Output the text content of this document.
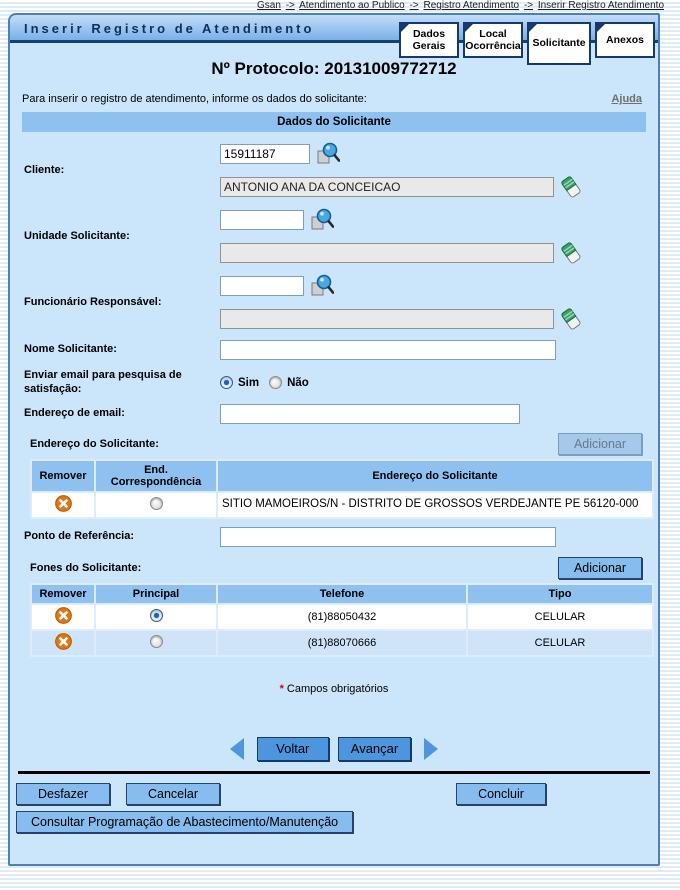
Gsan -> Atendimento ao Publico -> Registro Atendimento -> Inserir Registro Atendimento
Inserir Registro de Atendimento	Dados Gerais
Local Ocorrência	Solicitante	Anexos
Nº Protocolo: 20131009772712
Para inserir o registro de atendimento, informe os dados do solicitante:	Ajuda
Dados do Solicitante
Cliente:
15911187
ANTONIO ANA DA CONCEICAO
Unidade Solicitante:
Funcionário Responsável:
Nome Solicitante:
Enviar email para pesquisa de satisfação:	Sim Não
Endereço de email:
Endereço do Solicitante:	Adicionar
Remover	End. Correspondência	Endereço do Solicitante

		SITIO MAMOEIROS/N - DISTRITO DE GROSSOS VERDEJANTE PE 56120-000
Ponto de Referência:
Fones do Solicitante:	Adicionar
Remover	Principal	Telefone	Tipo

		(81)88050432	CELULAR

		(81)88070666	CELULAR
* Campos obrigatórios
Voltar	Avançar
Desfazer	Cancelar	Concluir
Consultar Programação de Abastecimento/Manutenção
